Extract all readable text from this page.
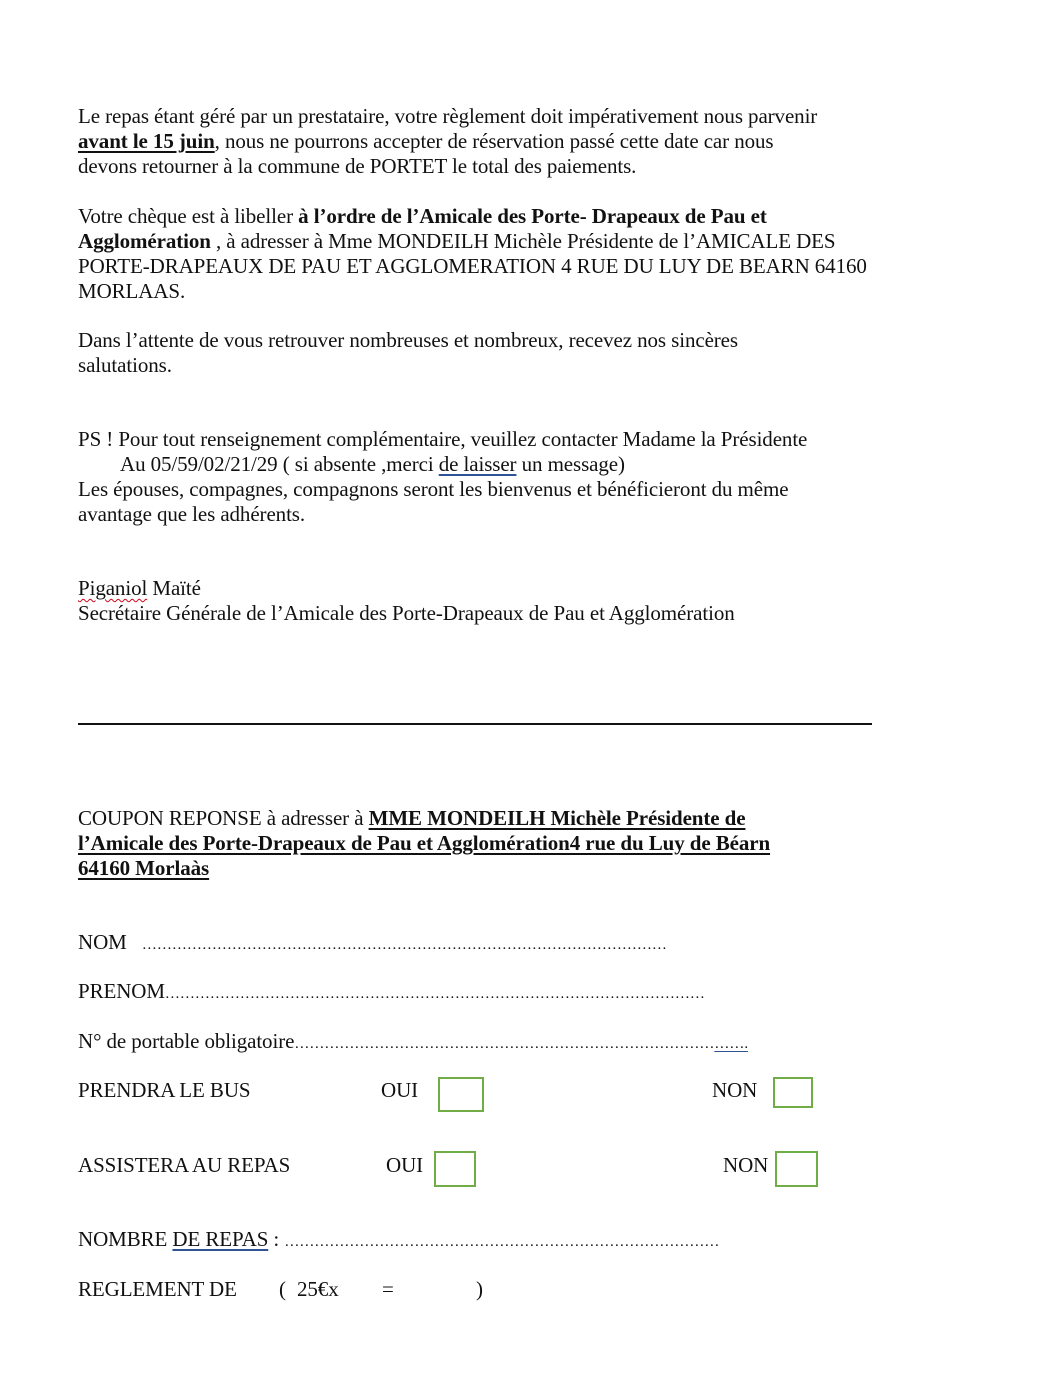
Le repas étant géré par un prestataire, votre règlement doit impérativement nous parvenir
avant le 15 juin, nous ne pourrons accepter de réservation passé cette date car nous
devons retourner à la commune de PORTET le total des paiements.
Votre chèque est à libeller à l’ordre de l’Amicale des Porte- Drapeaux de Pau et
Agglomération , à adresser à Mme MONDEILH Michèle Présidente de l’AMICALE DES
PORTE-DRAPEAUX DE PAU ET AGGLOMERATION 4 RUE DU LUY DE BEARN 64160
MORLAAS.
Dans l’attente de vous retrouver nombreuses et nombreux, recevez nos sincères
salutations.
PS ! Pour tout renseignement complémentaire, veuillez contacter Madame la Présidente
Au 05/59/02/21/29 ( si absente ,merci de laisser un message)
Les épouses, compagnes, compagnons seront les bienvenus et bénéficieront du même
avantage que les adhérents.
Piganiol Maïté
Secrétaire Générale de l’Amicale des Porte-Drapeaux de Pau et Agglomération
COUPON REPONSE à adresser à MME MONDEILH Michèle Présidente de
l’Amicale des Porte-Drapeaux de Pau et Agglomération4 rue du Luy de Béarn
64160 Morlaàs
NOM ……………………………………………………………………………………………
PRENOM………………………………………………………………………………………………
N° de portable obligatoire……………………………………………………………………………….
PRENDRA LE BUS	OUI	NON
ASSISTERA AU REPAS	OUI	NON
NOMBRE DE REPAS : ……………………………………………………………………………
REGLEMENT DE ( 25€x =	)
